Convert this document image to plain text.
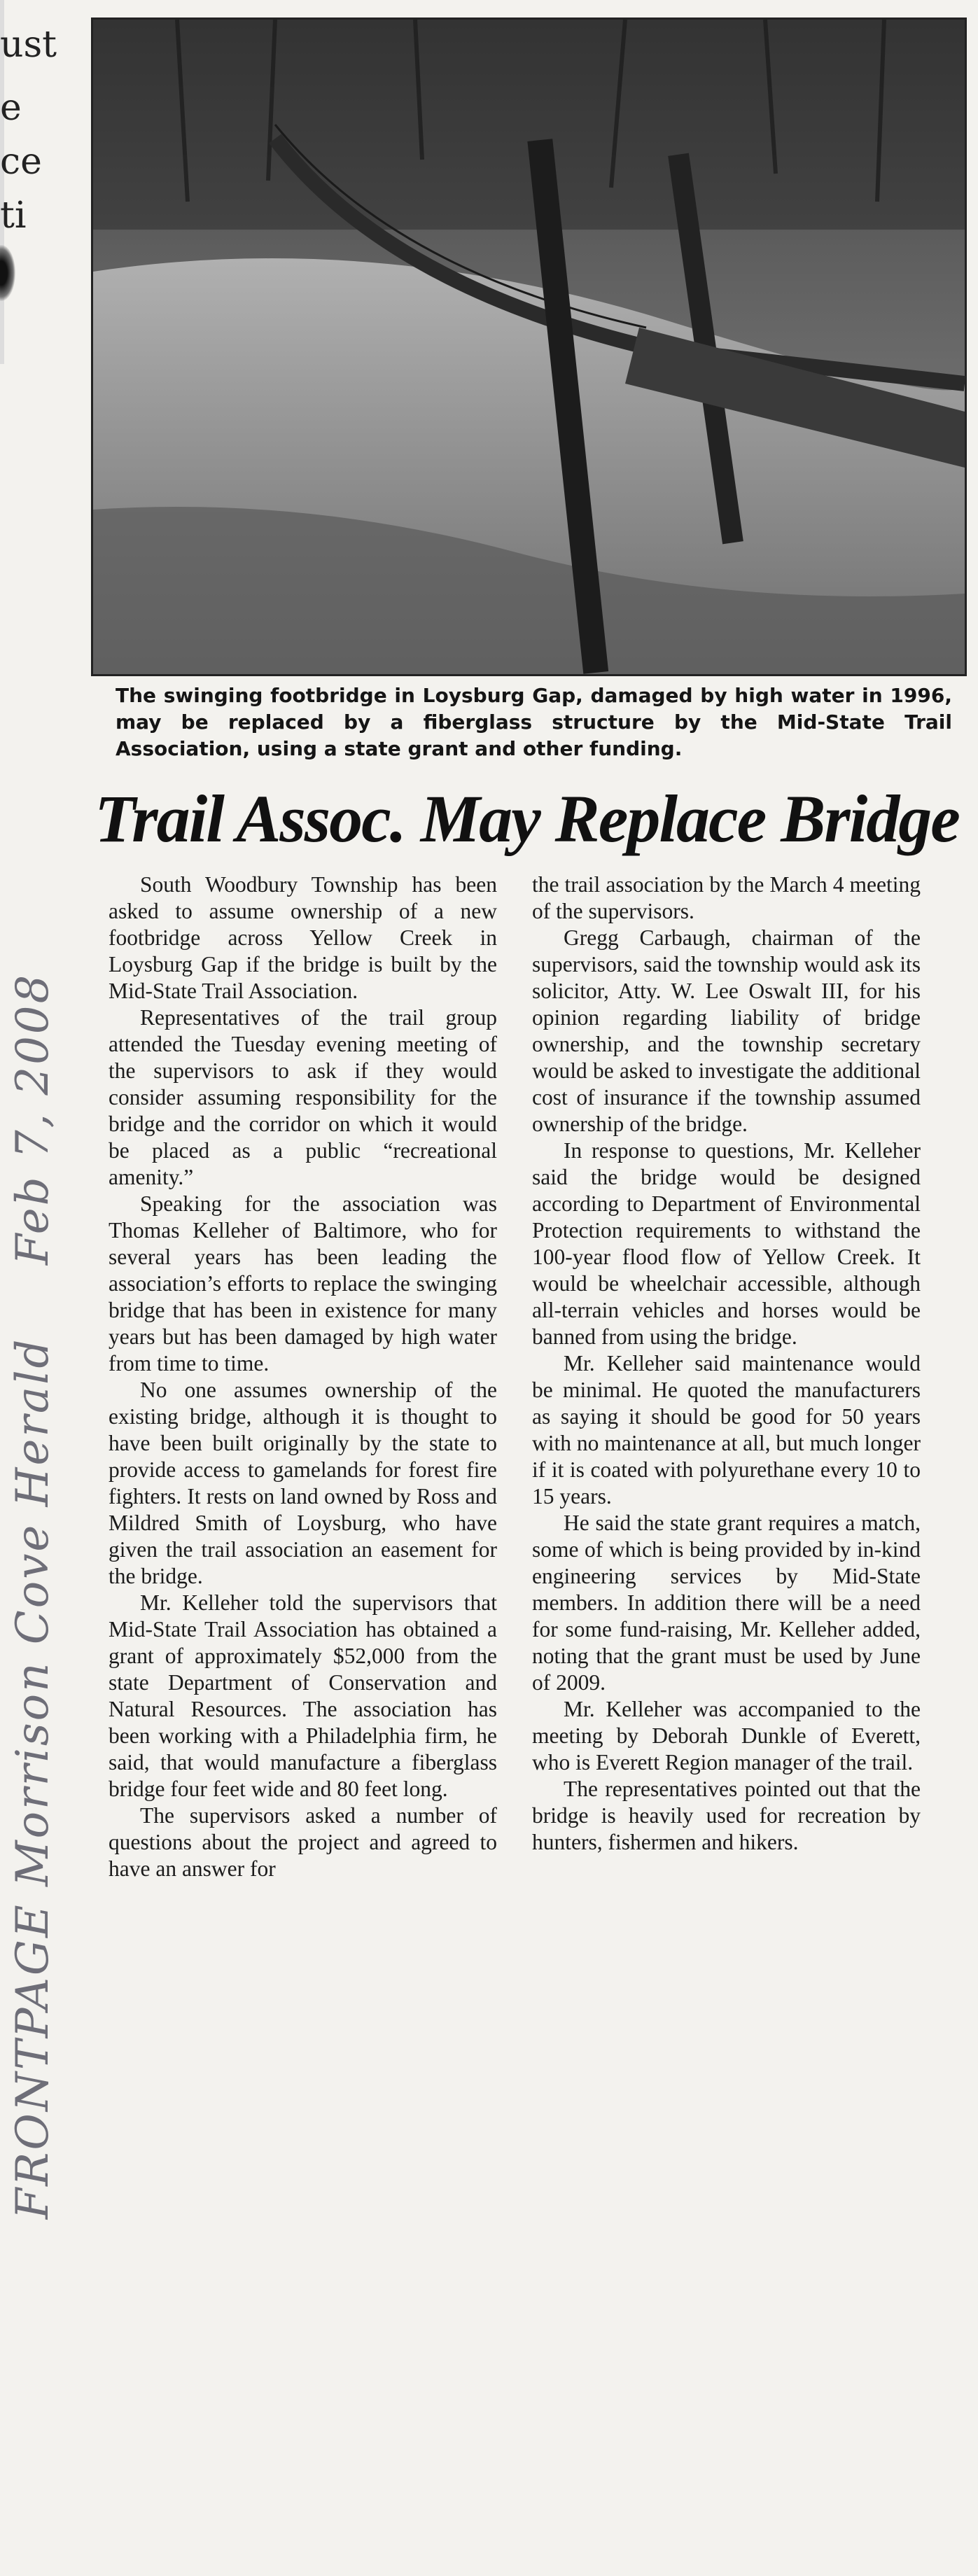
ust
e
ce
ti
The swinging footbridge in Loysburg Gap, damaged by high water in 1996, may be replaced by a fiberglass structure by the Mid-State Trail Association, using a state grant and other funding.
Trail Assoc. May Replace Bridge

South Woodbury Township has been asked to assume ownership of a new footbridge across Yellow Creek in Loysburg Gap if the bridge is built by the Mid-State Trail Association.

Representatives of the trail group attended the Tuesday evening meeting of the supervisors to ask if they would consider assuming responsibility for the bridge and the corridor on which it would be placed as a public “recreational amenity.”

Speaking for the association was Thomas Kelleher of Baltimore, who for several years has been leading the association’s efforts to replace the swinging bridge that has been in existence for many years but has been damaged by high water from time to time.

No one assumes ownership of the existing bridge, although it is thought to have been built originally by the state to provide access to gamelands for forest fire fighters. It rests on land owned by Ross and Mildred Smith of Loysburg, who have given the trail association an easement for the bridge.

Mr. Kelleher told the supervisors that Mid-State Trail Association has obtained a grant of approximately $52,000 from the state Department of Conservation and Natural Resources. The association has been working with a Philadelphia firm, he said, that would manufacture a fiberglass bridge four feet wide and 80 feet long.

The supervisors asked a number of questions about the project and agreed to have an answer for

the trail association by the March 4 meeting of the supervisors.

Gregg Carbaugh, chairman of the supervisors, said the township would ask its solicitor, Atty. W. Lee Oswalt III, for his opinion regarding liability of bridge ownership, and the township secretary would be asked to investigate the additional cost of insurance if the township assumed ownership of the bridge.

In response to questions, Mr. Kelleher said the bridge would be designed according to Department of Environmental Protection requirements to withstand the 100-year flood flow of Yellow Creek. It would be wheelchair accessible, although all-terrain vehicles and horses would be banned from using the bridge.

Mr. Kelleher said maintenance would be minimal. He quoted the manufacturers as saying it should be good for 50 years with no maintenance at all, but much longer if it is coated with polyurethane every 10 to 15 years.

He said the state grant requires a match, some of which is being provided by in-kind engineering services by Mid-State members. In addition there will be a need for some fund-raising, Mr. Kelleher added, noting that the grant must be used by June of 2009.

Mr. Kelleher was accompanied to the meeting by Deborah Dunkle of Everett, who is Everett Region manager of the trail.

The representatives pointed out that the bridge is heavily used for recreation by hunters, fishermen and hikers.

FRONTPAGE Morrison Cove Herald Feb 7, 2008
